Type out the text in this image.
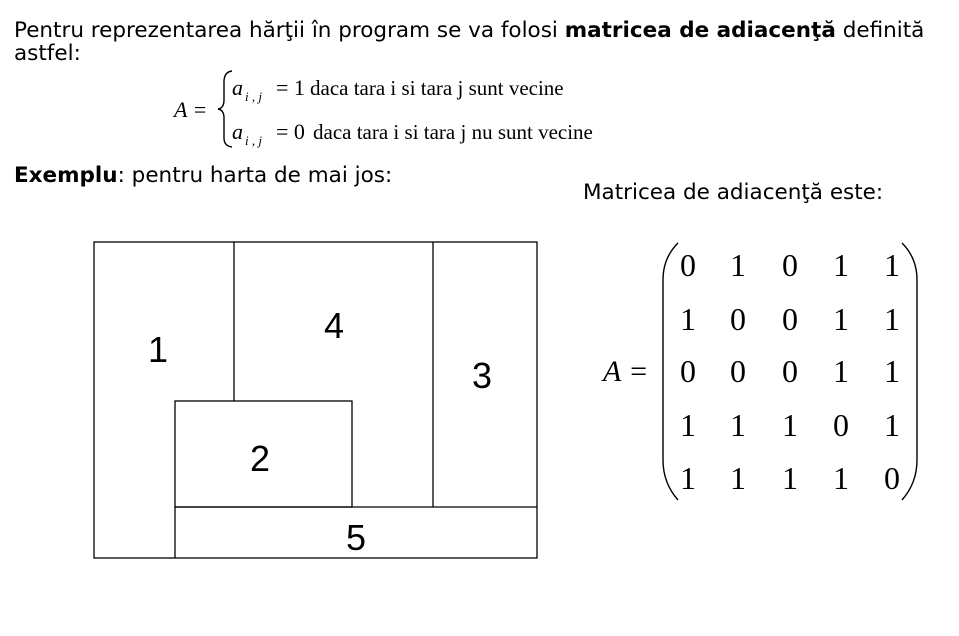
Pentru reprezentarea hărţii în program se va folosi matricea de adiacenţă definită
astfel:
A =
a i , j = 1 daca tara i si tara j sunt vecine
a i , j = 0 daca tara i si tara j nu sunt vecine
Exemplu: pentru harta de mai jos:
Matricea de adiacenţă este:
1
4
3
2
5
A =
0 1 0 1 1
1 0 0 1 1
0 0 0 1 1
1 1 1 0 1
1 1 1 1 0
